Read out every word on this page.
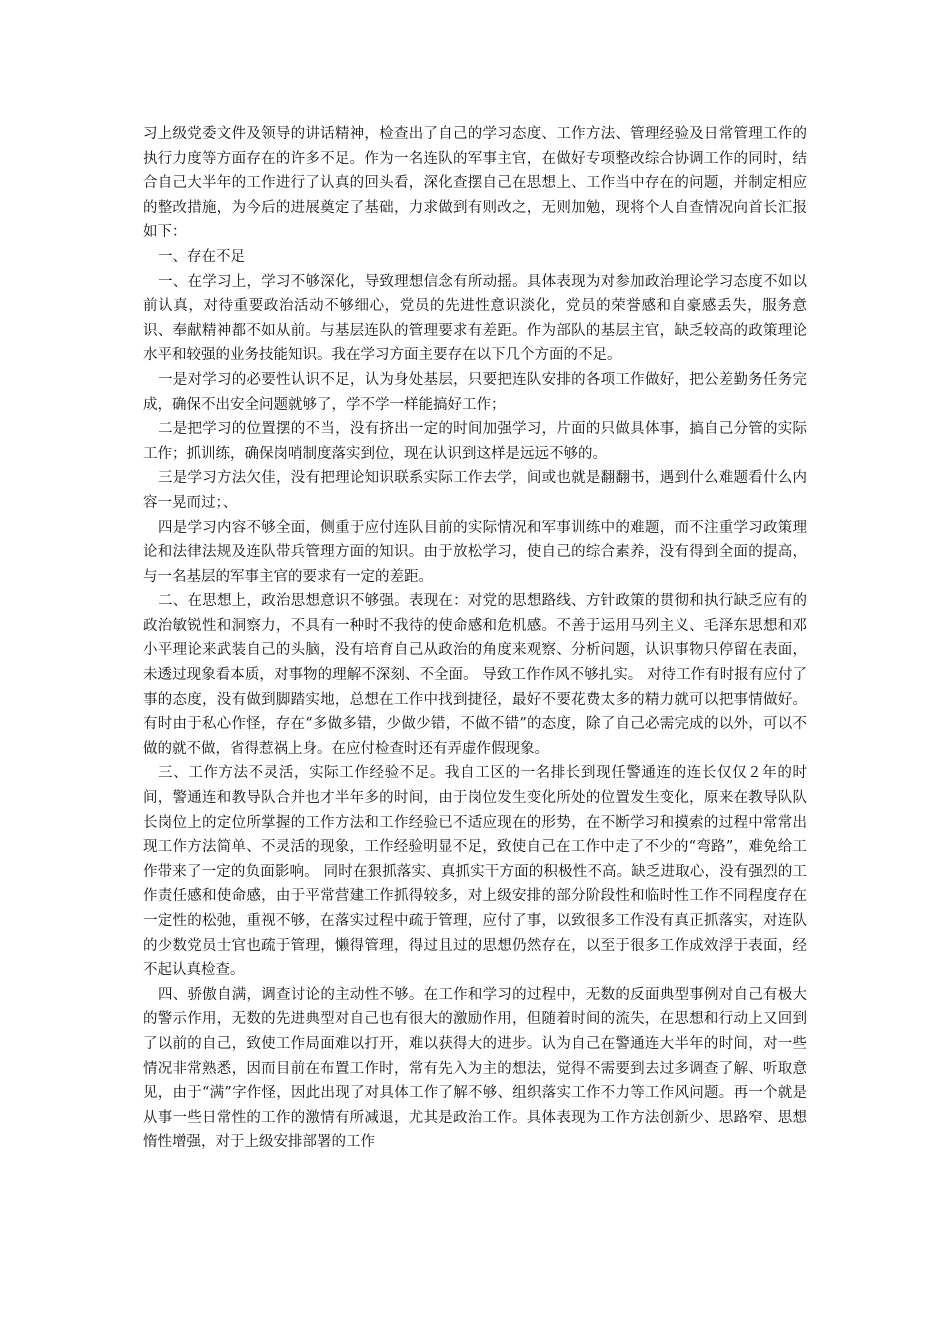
习上级党委文件及领导的讲话精神，检查出了自己的学习态度、工作方法、管理经验及日常管理工作的执行力度等方面存在的许多不足。作为一名连队的军事主官，在做好专项整改综合协调工作的同时，结合自己大半年的工作进行了认真的回头看，深化查摆自己在思想上、工作当中存在的问题，并制定相应的整改措施，为今后的进展奠定了基础，力求做到有则改之，无则加勉，现将个人自查情况向首长汇报如下：

一、存在不足

一、在学习上，学习不够深化，导致理想信念有所动摇。具体表现为对参加政治理论学习态度不如以前认真，对待重要政治活动不够细心，党员的先进性意识淡化，党员的荣誉感和自豪感丢失，服务意识、奉献精神都不如从前。与基层连队的管理要求有差距。作为部队的基层主官，缺乏较高的政策理论水平和较强的业务技能知识。我在学习方面主要存在以下几个方面的不足。

一是对学习的必要性认识不足，认为身处基层，只要把连队安排的各项工作做好，把公差勤务任务完成，确保不出安全问题就够了，学不学一样能搞好工作；

二是把学习的位置摆的不当，没有挤出一定的时间加强学习，片面的只做具体事，搞自己分管的实际工作；抓训练，确保岗哨制度落实到位，现在认识到这样是远远不够的。

三是学习方法欠佳，没有把理论知识联系实际工作去学，间或也就是翻翻书，遇到什么难题看什么内容一晃而过；、

四是学习内容不够全面，侧重于应付连队目前的实际情况和军事训练中的难题，而不注重学习政策理论和法律法规及连队带兵管理方面的知识。由于放松学习，使自己的综合素养，没有得到全面的提高，与一名基层的军事主官的要求有一定的差距。

二、在思想上，政治思想意识不够强。表现在：对党的思想路线、方针政策的贯彻和执行缺乏应有的政治敏锐性和洞察力，不具有一种时不我待的使命感和危机感。不善于运用马列主义、毛泽东思想和邓小平理论来武装自己的头脑，没有培育自己从政治的角度来观察、分析问题，认识事物只停留在表面，未透过现象看本质，对事物的理解不深刻、不全面。 导致工作作风不够扎实。 对待工作有时报有应付了事的态度，没有做到脚踏实地，总想在工作中找到捷径，最好不要花费太多的精力就可以把事情做好。有时由于私心作怪，存在“多做多错，少做少错，不做不错”的态度，除了自己必需完成的以外，可以不做的就不做，省得惹祸上身。在应付检查时还有弄虚作假现象。

三、工作方法不灵活，实际工作经验不足。我自工区的一名排长到现任警通连的连长仅仅２年的时间，警通连和教导队合并也才半年多的时间，由于岗位发生变化所处的位置发生变化，原来在教导队队长岗位上的定位所掌握的工作方法和工作经验已不适应现在的形势，在不断学习和摸索的过程中常常出现工作方法简单、不灵活的现象，工作经验明显不足，致使自己在工作中走了不少的“弯路”，难免给工作带来了一定的负面影响。 同时在狠抓落实、真抓实干方面的积极性不高。缺乏进取心，没有强烈的工作责任感和使命感，由于平常营建工作抓得较多，对上级安排的部分阶段性和临时性工作不同程度存在一定性的松弛，重视不够，在落实过程中疏于管理，应付了事，以致很多工作没有真正抓落实，对连队的少数党员士官也疏于管理，懒得管理，得过且过的思想仍然存在，以至于很多工作成效浮于表面，经不起认真检查。

四、骄傲自满，调查讨论的主动性不够。在工作和学习的过程中，无数的反面典型事例对自己有极大的警示作用，无数的先进典型对自己也有很大的激励作用，但随着时间的流失，在思想和行动上又回到了以前的自己，致使工作局面难以打开，难以获得大的进步。认为自己在警通连大半年的时间，对一些情况非常熟悉，因而目前在布置工作时，常有先入为主的想法，觉得不需要到去过多调查了解、听取意见，由于“满”字作怪，因此出现了对具体工作了解不够、组织落实工作不力等工作风问题。再一个就是从事一些日常性的工作的激情有所减退，尤其是政治工作。具体表现为工作方法创新少、思路窄、思想惰性增强，对于上级安排部署的工作
